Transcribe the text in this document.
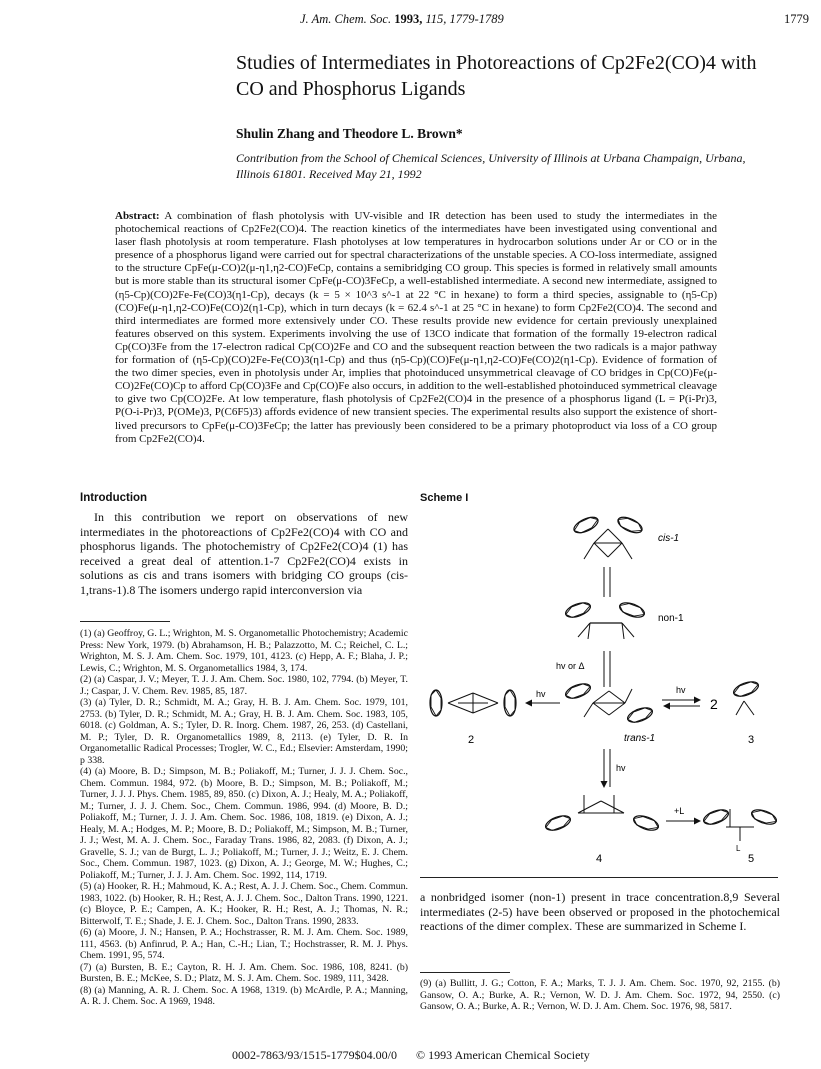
J. Am. Chem. Soc. 1993, 115, 1779-1789	1779
Studies of Intermediates in Photoreactions of Cp2Fe2(CO)4 with CO and Phosphorus Ligands
Shulin Zhang and Theodore L. Brown*
Contribution from the School of Chemical Sciences, University of Illinois at Urbana Champaign, Urbana, Illinois 61801. Received May 21, 1992
Abstract: A combination of flash photolysis with UV-visible and IR detection has been used to study the intermediates in the photochemical reactions of Cp2Fe2(CO)4. The reaction kinetics of the intermediates have been investigated using conventional and laser flash photolysis at room temperature. Flash photolyses at low temperatures in hydrocarbon solutions under Ar or CO or in the presence of a phosphorus ligand were carried out for spectral characterizations of the unstable species. A CO-loss intermediate, assigned to the structure CpFe(μ-CO)2(μ-η1,η2-CO)FeCp, contains a semibridging CO group. This species is formed in relatively small amounts but is more stable than its structural isomer CpFe(μ-CO)3FeCp, a well-established intermediate. A second new intermediate, assigned to (η5-Cp)(CO)2Fe-Fe(CO)3(η1-Cp), decays (k = 5 × 10^3 s^-1 at 22 °C in hexane) to form a third species, assignable to (η5-Cp)(CO)Fe(μ-η1,η2-CO)Fe(CO)2(η1-Cp), which in turn decays (k = 62.4 s^-1 at 25 °C in hexane) to form Cp2Fe2(CO)4. The second and third intermediates are formed more extensively under CO. These results provide new evidence for certain previously unexplained features observed on this system. Experiments involving the use of 13CO indicate that formation of the formally 19-electron radical Cp(CO)3Fe from the 17-electron radical Cp(CO)2Fe and CO and the subsequent reaction between the two radicals is a major pathway for formation of (η5-Cp)(CO)2Fe-Fe(CO)3(η1-Cp) and thus (η5-Cp)(CO)Fe(μ-η1,η2-CO)Fe(CO)2(η1-Cp). Evidence of formation of the two dimer species, even in photolysis under Ar, implies that photoinduced unsymmetrical cleavage of CO bridges in Cp(CO)Fe(μ-CO)2Fe(CO)Cp to afford Cp(CO)3Fe and Cp(CO)Fe also occurs, in addition to the well-established photoinduced symmetrical cleavage to give two Cp(CO)2Fe. At low temperature, flash photolysis of Cp2Fe2(CO)4 in the presence of a phosphorus ligand (L = P(i-Pr)3, P(O-i-Pr)3, P(OMe)3, P(C6F5)3) affords evidence of new transient species. The experimental results also support the existence of short-lived precursors to CpFe(μ-CO)3FeCp; the latter has previously been considered to be a primary photoproduct via loss of a CO group from Cp2Fe2(CO)4.
Introduction
In this contribution we report on observations of new intermediates in the photoreactions of Cp2Fe2(CO)4 with CO and phosphorus ligands. The photochemistry of Cp2Fe2(CO)4 (1) has received a great deal of attention.1-7 Cp2Fe2(CO)4 exists in solutions as cis and trans isomers with bridging CO groups (cis-1,trans-1).8 The isomers undergo rapid interconversion via

(1) (a) Geoffroy, G. L.; Wrighton, M. S. Organometallic Photochemistry; Academic Press: New York, 1979. (b) Abrahamson, H. B.; Palazzotto, M. C.; Reichel, C. L.; Wrighton, M. S. J. Am. Chem. Soc. 1979, 101, 4123. (c) Hepp, A. F.; Blaha, J. P.; Lewis, C.; Wrighton, M. S. Organometallics 1984, 3, 174.

(2) (a) Caspar, J. V.; Meyer, T. J. J. Am. Chem. Soc. 1980, 102, 7794. (b) Meyer, T. J.; Caspar, J. V. Chem. Rev. 1985, 85, 187.

(3) (a) Tyler, D. R.; Schmidt, M. A.; Gray, H. B. J. Am. Chem. Soc. 1979, 101, 2753. (b) Tyler, D. R.; Schmidt, M. A.; Gray, H. B. J. Am. Chem. Soc. 1983, 105, 6018. (c) Goldman, A. S.; Tyler, D. R. Inorg. Chem. 1987, 26, 253. (d) Castellani, M. P.; Tyler, D. R. Organometallics 1989, 8, 2113. (e) Tyler, D. R. In Organometallic Radical Processes; Trogler, W. C., Ed.; Elsevier: Amsterdam, 1990; p 338.

(4) (a) Moore, B. D.; Simpson, M. B.; Poliakoff, M.; Turner, J. J. J. Chem. Soc., Chem. Commun. 1984, 972. (b) Moore, B. D.; Simpson, M. B.; Poliakoff, M.; Turner, J. J. J. Phys. Chem. 1985, 89, 850. (c) Dixon, A. J.; Healy, M. A.; Poliakoff, M.; Turner, J. J. J. Chem. Soc., Chem. Commun. 1986, 994. (d) Moore, B. D.; Poliakoff, M.; Turner, J. J. J. Am. Chem. Soc. 1986, 108, 1819. (e) Dixon, A. J.; Healy, M. A.; Hodges, M. P.; Moore, B. D.; Poliakoff, M.; Simpson, M. B.; Turner, J. J.; West, M. A. J. Chem. Soc., Faraday Trans. 1986, 82, 2083. (f) Dixon, A. J.; Gravelle, S. J.; van de Burgt, L. J.; Poliakoff, M.; Turner, J. J.; Weitz, E. J. Chem. Soc., Chem. Commun. 1987, 1023. (g) Dixon, A. J.; George, M. W.; Hughes, C.; Poliakoff, M.; Turner, J. J. J. Am. Chem. Soc. 1992, 114, 1719.

(5) (a) Hooker, R. H.; Mahmoud, K. A.; Rest, A. J. J. Chem. Soc., Chem. Commun. 1983, 1022. (b) Hooker, R. H.; Rest, A. J. J. Chem. Soc., Dalton Trans. 1990, 1221. (c) Bloyce, P. E.; Campen, A. K.; Hooker, R. H.; Rest, A. J.; Thomas, N. R.; Bitterwolf, T. E.; Shade, J. E. J. Chem. Soc., Dalton Trans. 1990, 2833.

(6) (a) Moore, J. N.; Hansen, P. A.; Hochstrasser, R. M. J. Am. Chem. Soc. 1989, 111, 4563. (b) Anfinrud, P. A.; Han, C.-H.; Lian, T.; Hochstrasser, R. M. J. Phys. Chem. 1991, 95, 574.

(7) (a) Bursten, B. E.; Cayton, R. H. J. Am. Chem. Soc. 1986, 108, 8241. (b) Bursten, B. E.; McKee, S. D.; Platz, M. S. J. Am. Chem. Soc. 1989, 111, 3428.

(8) (a) Manning, A. R. J. Chem. Soc. A 1968, 1319. (b) McArdle, P. A.; Manning, A. R. J. Chem. Soc. A 1969, 1948.

Scheme I
cis-1
non-1
hv or Δ
2
hv
trans-1
hv
2
3
hv
4
+L
L
5
a nonbridged isomer (non-1) present in trace concentration.8,9 Several intermediates (2-5) have been observed or proposed in the photochemical reactions of the dimer complex. These are summarized in Scheme I.

(9) (a) Bullitt, J. G.; Cotton, F. A.; Marks, T. J. J. Am. Chem. Soc. 1970, 92, 2155. (b) Gansow, O. A.; Burke, A. R.; Vernon, W. D. J. Am. Chem. Soc. 1972, 94, 2550. (c) Gansow, O. A.; Burke, A. R.; Vernon, W. D. J. Am. Chem. Soc. 1976, 98, 5817.

0002-7863/93/1515-1779$04.00/0 © 1993 American Chemical Society
